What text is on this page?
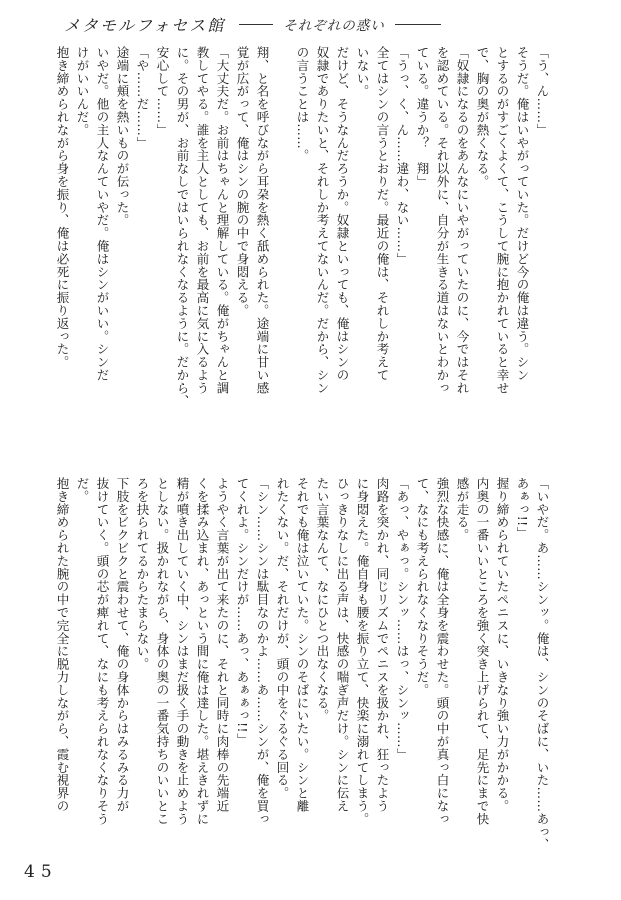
メタモルフォセス館	それぞれの惑い
「う、ん……」
そうだ。俺はいやがっていた。だけど今の俺は違う。シン
とするのがすごくよくて、こうして腕に抱かれていると幸せ
で、胸の奥が熱くなる。
「奴隷になるのをあんなにいやがっていたのに、今ではそれ
を認めている。それ以外に、自分が生きる道はないとわかっ
ている。違うか？　翔」
「うっ、く、ん……違わ、ない……」
全てはシンの言うとおりだ。最近の俺は、それしか考えて
いない。
だけど、そうなんだろうか。奴隷といっても、俺はシンの
奴隷でありたいと、それしか考えてないんだ。だから、シン
の言うことは……。
翔、と名を呼びながら耳朶を熱く舐められた。途端に甘い感
覚が広がって、俺はシンの腕の中で身悶える。
「大丈夫だ。お前はちゃんと理解している。俺がちゃんと調
教してやる。誰を主人としても、お前を最高に気に入るよう
に。その男が、お前なしではいられなくなるように。だから、
安心して……」
「や……だ……」
途端に頬を熱いものが伝った。
いやだ。他の主人なんていやだ。俺はシンがいい。シンだ
けがいいんだ。
抱き締められながら身を振り、俺は必死に振り返った。
「いやだ。あ……シンッ。俺は、シンのそばに、いた……あっ、
あぁっ!!」
握り締められていたペニスに、いきなり強い力がかかる。
内奥の一番いいところを強く突き上げられて、足先にまで快
感が走る。
強烈な快感に、俺は全身を震わせた。頭の中が真っ白になっ
て、なにも考えられなくなりそうだ。
「あっ、やぁっ。シンッ……はっ、シンッ……」
肉路を突かれ、同じリズムでペニスを扱かれ、狂ったよう
に身悶えた。俺自身も腰を振り立て、快楽に溺れてしまう。
ひっきりなしに出る声は、快感の喘ぎ声だけ。シンに伝え
たい言葉なんて、なにひとつ出なくなる。
それでも俺は泣いていた。シンのそばにいたい。シンと離
れたくない。だ、それだけが、頭の中をぐるぐる回る。
「シン……シンは駄目なのかよ……あ……シンが、俺を買っ
てくれよ。シンだけが……あっ、あぁぁっ!!」
ようやく言葉が出て来たのに、それと同時に肉棒の先端近
くを揉み込まれ、あっという間に俺は達した。堪えきれずに
精が噴き出していく中、シンはまだ扱く手の動きを止めよう
としない。扱かれながら、身体の奥の一番気持ちのいいとこ
ろを抉られてるからたまらない。
下肢をビクビクと震わせて、俺の身体からはみるみる力が
抜けていく。頭の芯が痺れて、なにも考えられなくなりそう
だ。
抱き締められた腕の中で完全に脱力しながら、霞む視界の
45
